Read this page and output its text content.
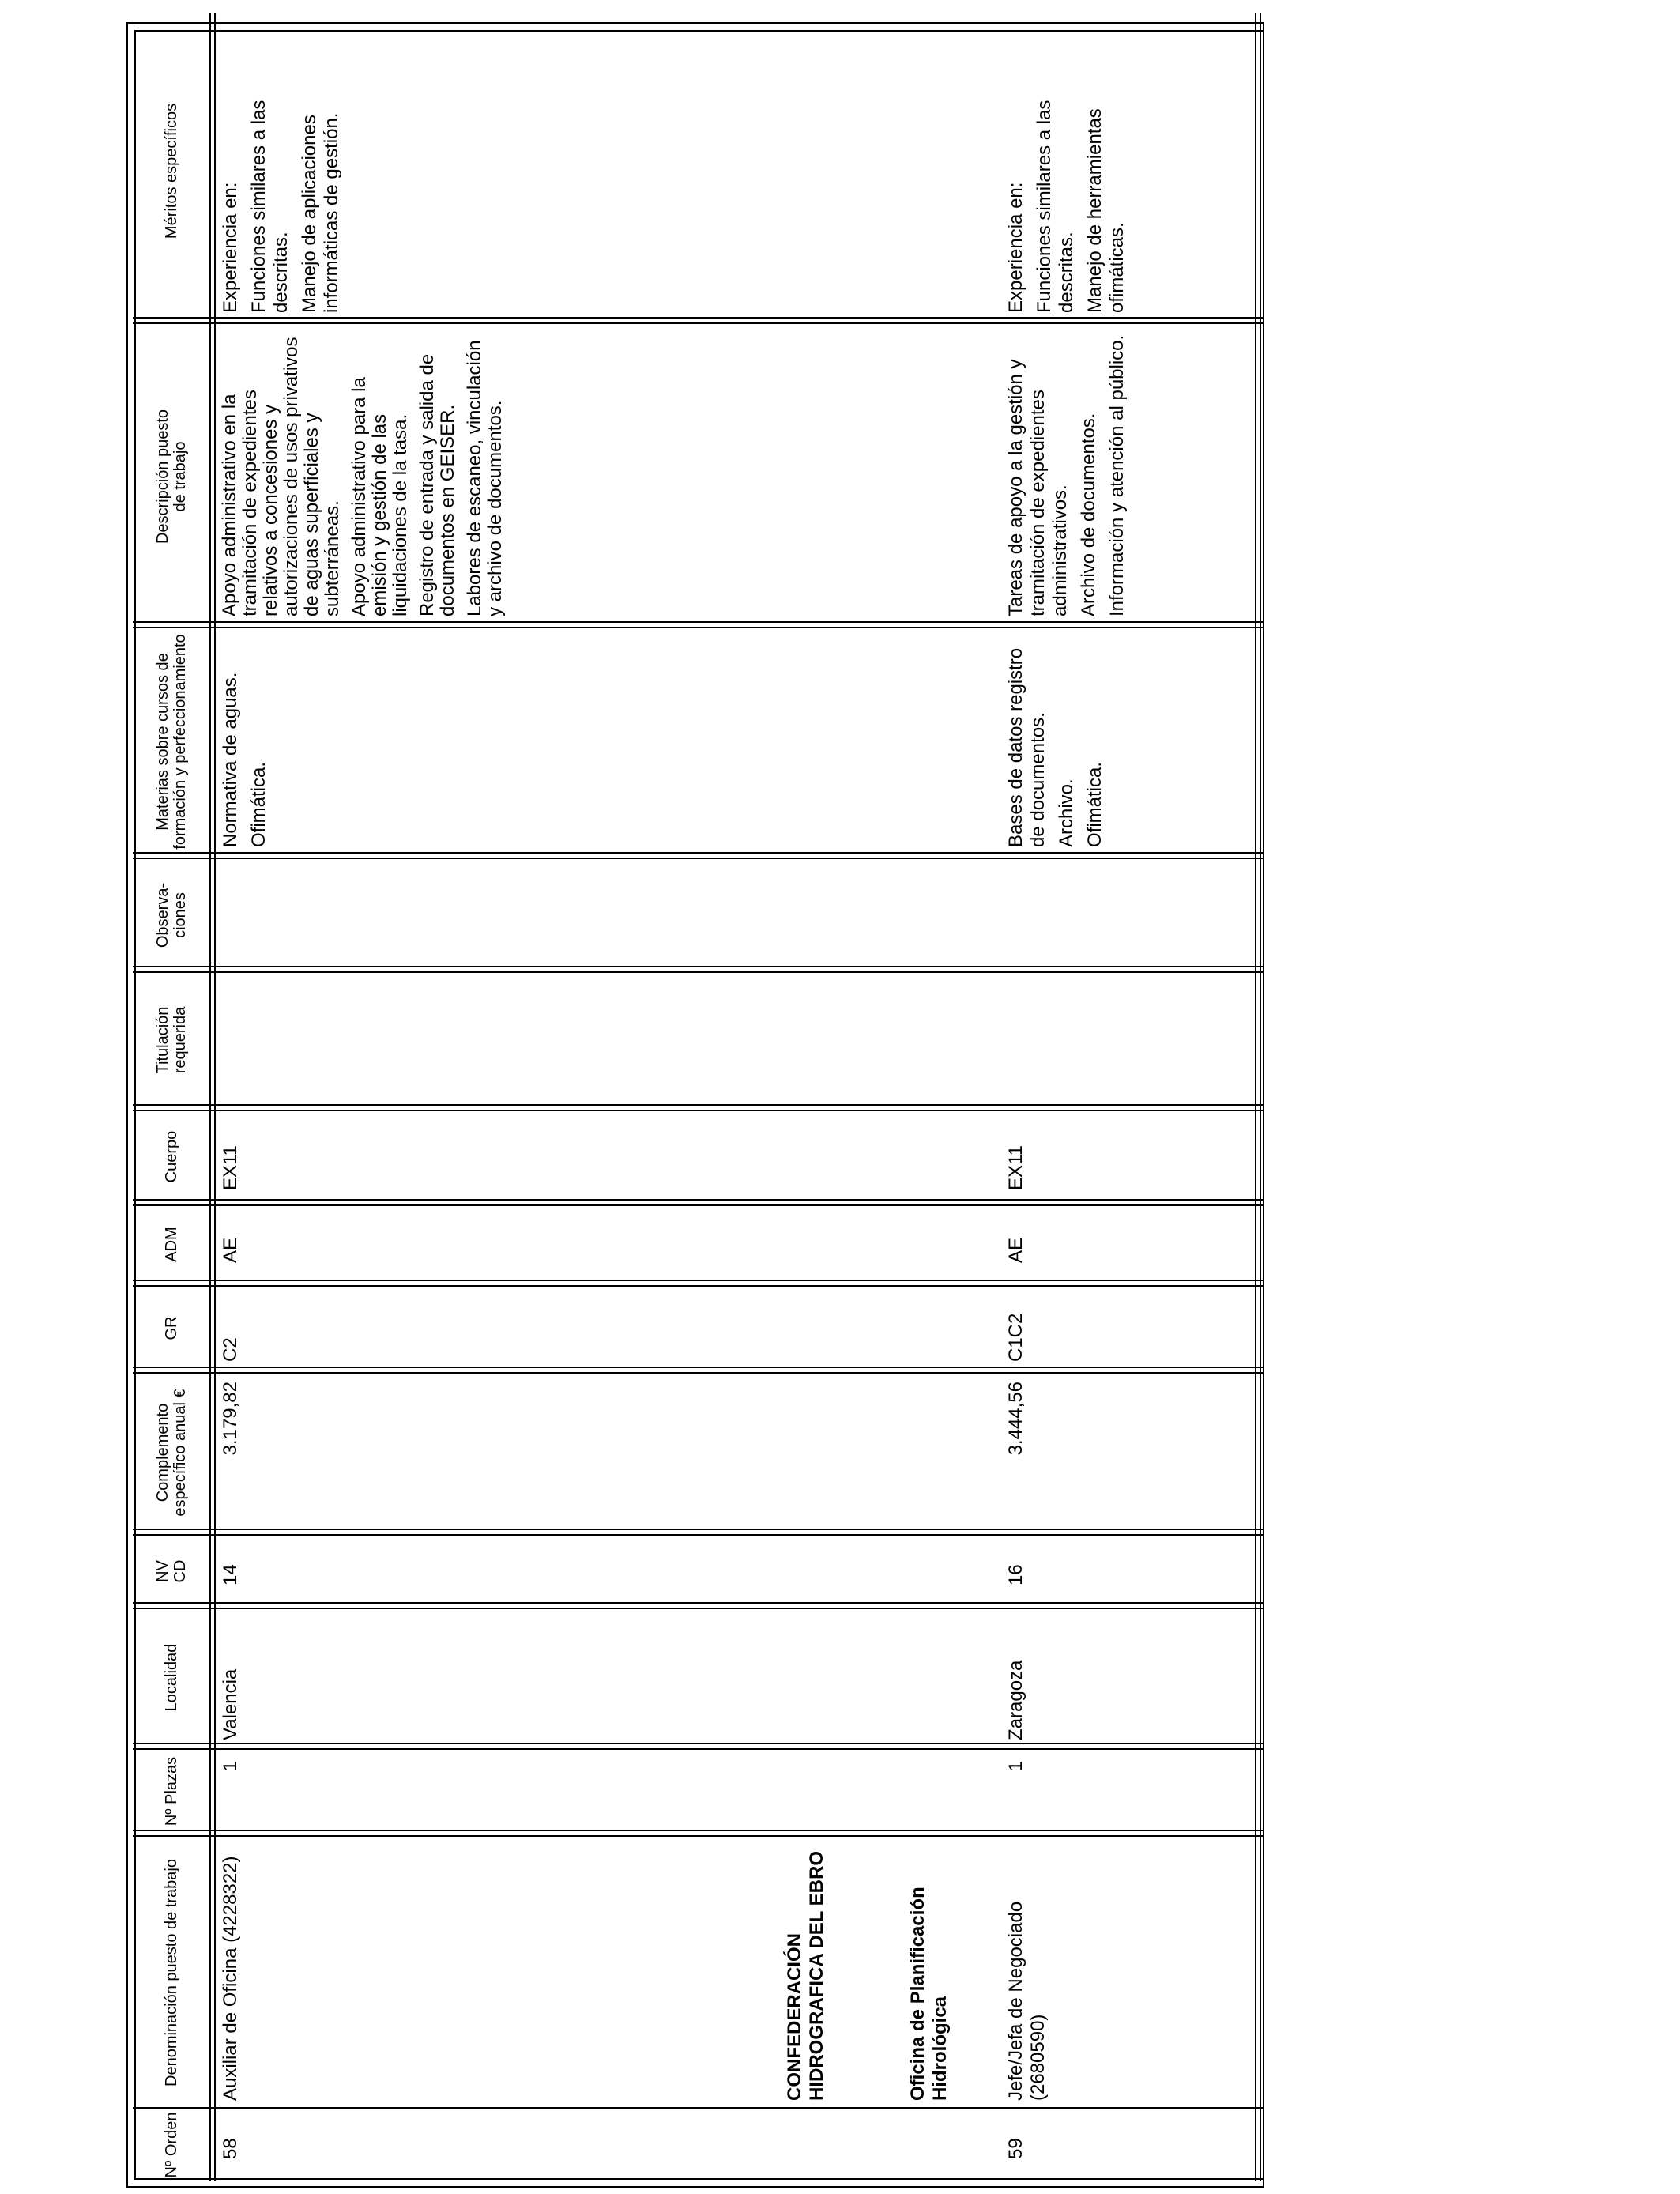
Nº Orden
Denominación puesto de trabajo
Nº Plazas
Localidad
NV CD
Complemento específico anual €
GR
ADM
Cuerpo
Titulación requerida
Observa- ciones
Materias sobre cursos de formación y perfeccionamiento
Descripción puesto de trabajo
Méritos específicos
58
Auxiliar de Oficina (4228322)
1
Valencia
14
3.179,82
C2
AE
EX11

Normativa de aguas. Ofimática.

Apoyo administrativo en la tramitación de expedientes relativos a concesiones y autorizaciones de usos privativos de aguas superficiales y subterráneas. Apoyo administrativo para la emisión y gestión de las liquidaciones de la tasa. Registro de entrada y salida de documentos en GEISER. Labores de escaneo, vinculación y archivo de documentos.

Experiencia en: Funciones similares a las descritas. Manejo de aplicaciones informáticas de gestión.

CONFEDERACIÓN HIDROGRAFICA DEL EBRO	Oficina de Planificación Hidrológica
59
Jefe/Jefa de Negociado (2680590)
1
Zaragoza
16
3.444,56
C1C2
AE
EX11

Bases de datos registro de documentos. Archivo. Ofimática.

Tareas de apoyo a la gestión y tramitación de expedientes administrativos. Archivo de documentos. Información y atención al público.

Experiencia en: Funciones similares a las descritas. Manejo de herramientas ofimáticas.
